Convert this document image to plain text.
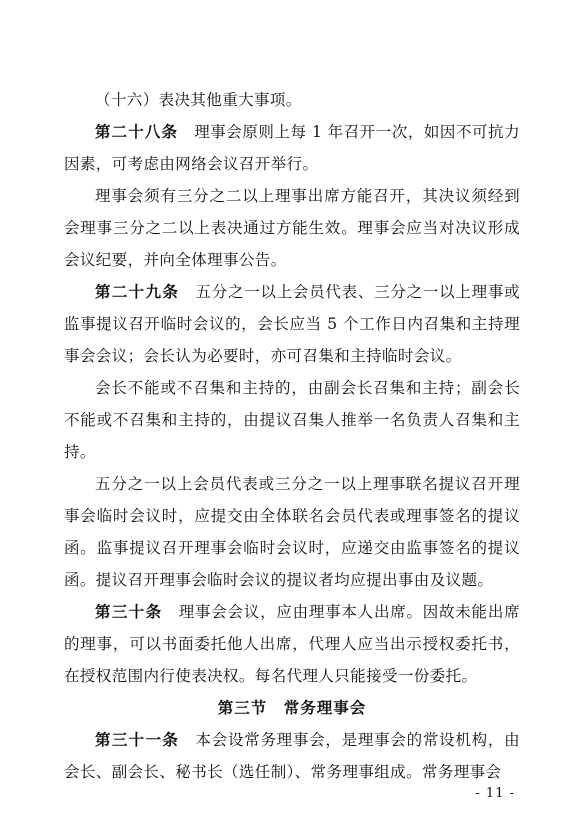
（十六）表决其他重大事项。

第二十八条　 理事会原则上每 1 年召开一次，如因不可抗力因素，可考虑由网络会议召开举行。

理事会须有三分之二以上理事出席方能召开，其决议须经到会理事三分之二以上表决通过方能生效。理事会应当对决议形成会议纪要，并向全体理事公告。

第二十九条　 五分之一以上会员代表、三分之一以上理事或监事提议召开临时会议的，会长应当 5 个工作日内召集和主持理事会会议；会长认为必要时，亦可召集和主持临时会议。

会长不能或不召集和主持的，由副会长召集和主持；副会长不能或不召集和主持的，由提议召集人推举一名负责人召集和主持。

五分之一以上会员代表或三分之一以上理事联名提议召开理事会临时会议时，应提交由全体联名会员代表或理事签名的提议函。监事提议召开理事会临时会议时，应递交由监事签名的提议函。提议召开理事会临时会议的提议者均应提出事由及议题。

第三十条　 理事会会议，应由理事本人出席。因故未能出席的理事，可以书面委托他人出席，代理人应当出示授权委托书，在授权范围内行使表决权。每名代理人只能接受一份委托。

第三节　常务理事会

第三十一条　 本会设常务理事会，是理事会的常设机构，由会长、副会长、秘书长（选任制）、常务理事组成。常务理事会

- 11 -
